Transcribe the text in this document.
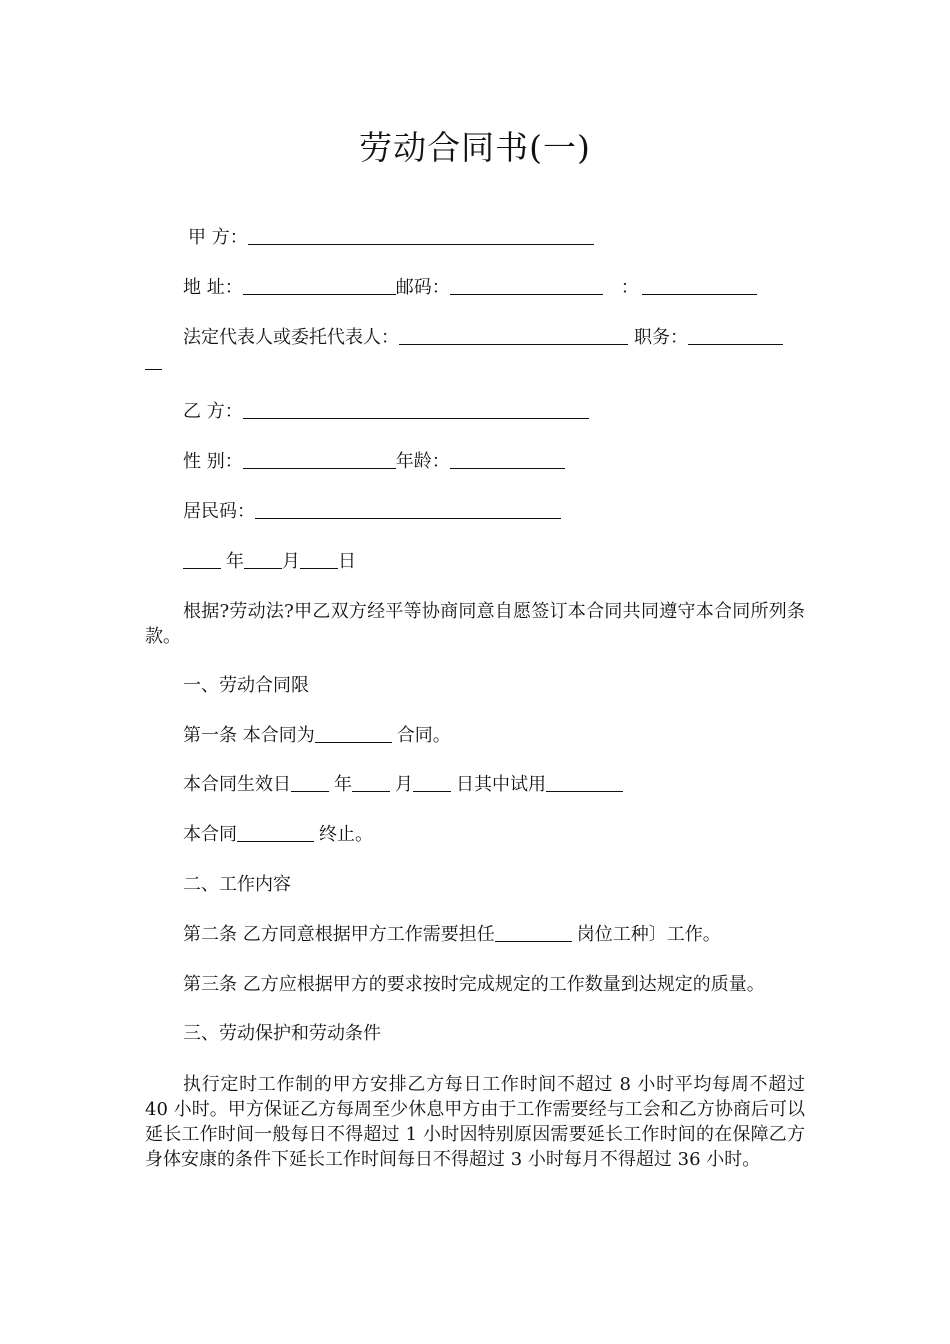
劳动合同书(一)
甲 方：
地 址：	邮码：	：
法定代表人或委托代表人：	职务：
乙 方：
性 别：	年龄：
居民码：
年 月 日
根据?劳动法?甲乙双方经平等协商同意自愿签订本合同共同遵守本合同所列条款。
一、劳动合同限
第一条 本合同为	合同。
本合同生效日 年 月 日其中试用
本合同	终止。
二、工作内容
第二条 乙方同意根据甲方工作需要担任	岗位工种〕工作。
第三条 乙方应根据甲方的要求按时完成规定的工作数量到达规定的质量。
三、劳动保护和劳动条件
执行定时工作制的甲方安排乙方每日工作时间不超过 8 小时平均每周不超过 40 小时。甲方保证乙方每周至少休息甲方由于工作需要经与工会和乙方协商后可以延长工作时间一般每日不得超过 1 小时因特别原因需要延长工作时间的在保障乙方身体安康的条件下延长工作时间每日不得超过 3 小时每月不得超过 36 小时。
